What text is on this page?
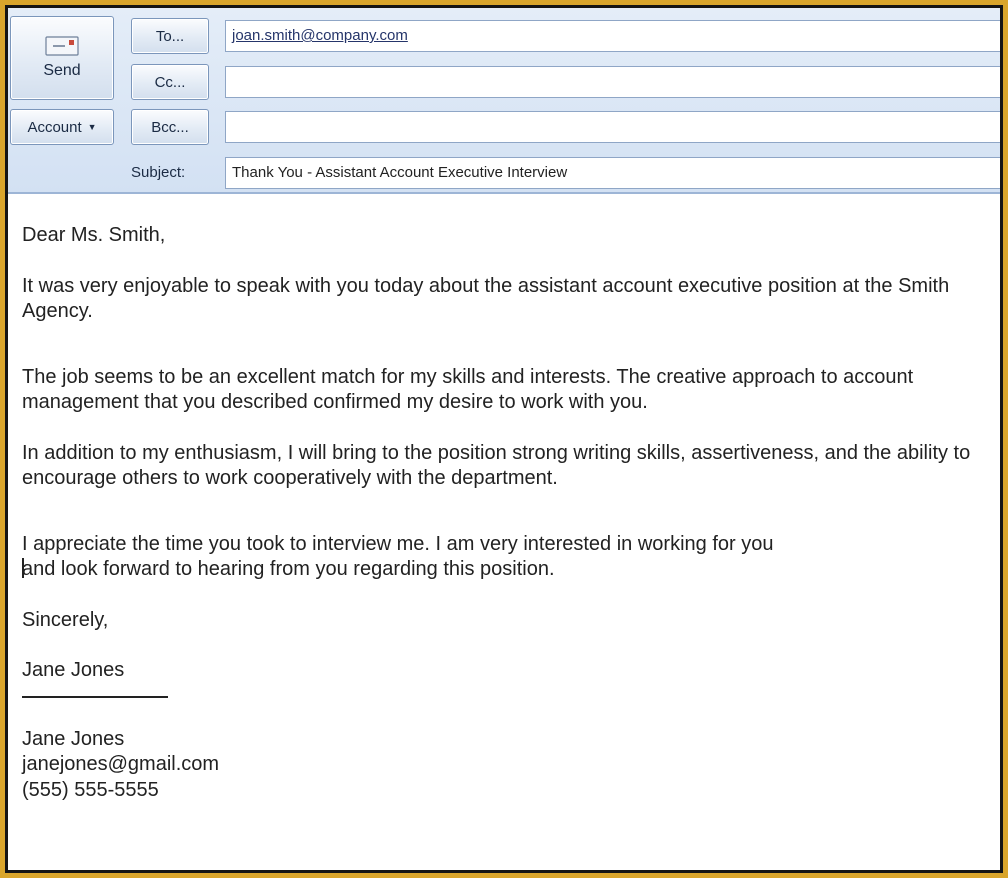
Send
Account ▼
To...
Cc...
Bcc...
joan.smith@company.com
Subject:	Thank You - Assistant Account Executive Interview

Dear Ms. Smith,

It was very enjoyable to speak with you today about the assistant account executive position at the Smith Agency.

The job seems to be an excellent match for my skills and interests. The creative approach to account management that you described confirmed my desire to work with you.

In addition to my enthusiasm, I will bring to the position strong writing skills, assertiveness, and the ability to encourage others to work cooperatively with the department.

I appreciate the time you took to interview me. I am very interested in working for you
and look forward to hearing from you regarding this position.

Sincerely,

Jane Jones

Jane Jones

janejones@gmail.com

(555) 555-5555
